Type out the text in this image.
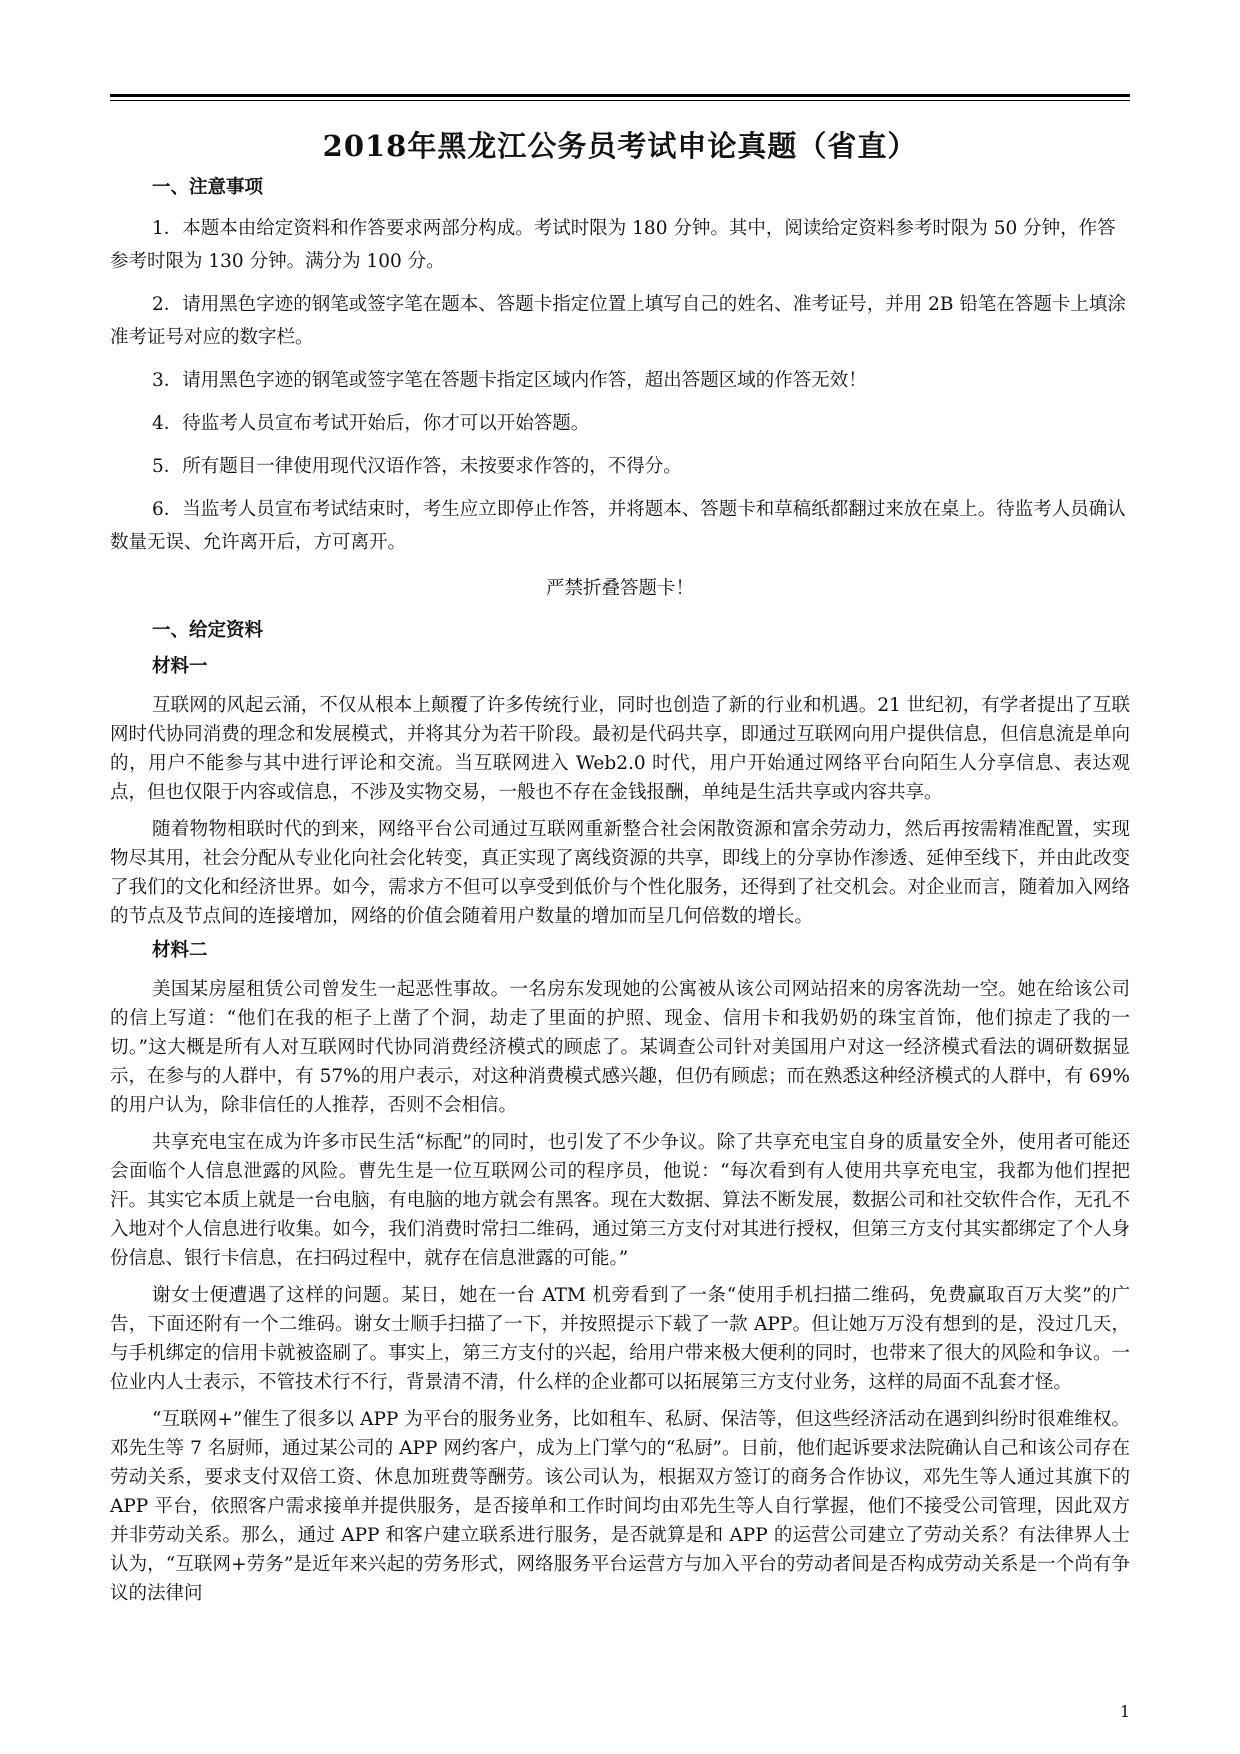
2018年黑龙江公务员考试申论真题（省直）

一、注意事项

1．本题本由给定资料和作答要求两部分构成。考试时限为 180 分钟。其中，阅读给定资料参考时限为 50 分钟，作答参考时限为 130 分钟。满分为 100 分。

2．请用黑色字迹的钢笔或签字笔在题本、答题卡指定位置上填写自己的姓名、准考证号，并用 2B 铅笔在答题卡上填涂准考证号对应的数字栏。

3．请用黑色字迹的钢笔或签字笔在答题卡指定区域内作答，超出答题区域的作答无效！

4．待监考人员宣布考试开始后，你才可以开始答题。

5．所有题目一律使用现代汉语作答，未按要求作答的，不得分。

6．当监考人员宣布考试结束时，考生应立即停止作答，并将题本、答题卡和草稿纸都翻过来放在桌上。待监考人员确认数量无误、允许离开后，方可离开。

严禁折叠答题卡！

一、给定资料

材料一

互联网的风起云涌，不仅从根本上颠覆了许多传统行业，同时也创造了新的行业和机遇。21 世纪初，有学者提出了互联网时代协同消费的理念和发展模式，并将其分为若干阶段。最初是代码共享，即通过互联网向用户提供信息，但信息流是单向的，用户不能参与其中进行评论和交流。当互联网进入 Web2.0 时代，用户开始通过网络平台向陌生人分享信息、表达观点，但也仅限于内容或信息，不涉及实物交易，一般也不存在金钱报酬，单纯是生活共享或内容共享。

随着物物相联时代的到来，网络平台公司通过互联网重新整合社会闲散资源和富余劳动力，然后再按需精准配置，实现物尽其用，社会分配从专业化向社会化转变，真正实现了离线资源的共享，即线上的分享协作渗透、延伸至线下，并由此改变了我们的文化和经济世界。如今，需求方不但可以享受到低价与个性化服务，还得到了社交机会。对企业而言，随着加入网络的节点及节点间的连接增加，网络的价值会随着用户数量的增加而呈几何倍数的增长。

材料二

美国某房屋租赁公司曾发生一起恶性事故。一名房东发现她的公寓被从该公司网站招来的房客洗劫一空。她在给该公司的信上写道：“他们在我的柜子上凿了个洞，劫走了里面的护照、现金、信用卡和我奶奶的珠宝首饰，他们掠走了我的一切。”这大概是所有人对互联网时代协同消费经济模式的顾虑了。某调查公司针对美国用户对这一经济模式看法的调研数据显示，在参与的人群中，有 57%的用户表示，对这种消费模式感兴趣，但仍有顾虑；而在熟悉这种经济模式的人群中，有 69%的用户认为，除非信任的人推荐，否则不会相信。

共享充电宝在成为许多市民生活“标配”的同时，也引发了不少争议。除了共享充电宝自身的质量安全外，使用者可能还会面临个人信息泄露的风险。曹先生是一位互联网公司的程序员，他说：“每次看到有人使用共享充电宝，我都为他们捏把汗。其实它本质上就是一台电脑，有电脑的地方就会有黑客。现在大数据、算法不断发展，数据公司和社交软件合作，无孔不入地对个人信息进行收集。如今，我们消费时常扫二维码，通过第三方支付对其进行授权，但第三方支付其实都绑定了个人身份信息、银行卡信息，在扫码过程中，就存在信息泄露的可能。”

谢女士便遭遇了这样的问题。某日，她在一台 ATM 机旁看到了一条“使用手机扫描二维码，免费赢取百万大奖”的广告，下面还附有一个二维码。谢女士顺手扫描了一下，并按照提示下载了一款 APP。但让她万万没有想到的是，没过几天，与手机绑定的信用卡就被盗刷了。事实上，第三方支付的兴起，给用户带来极大便利的同时，也带来了很大的风险和争议。一位业内人士表示，不管技术行不行，背景清不清，什么样的企业都可以拓展第三方支付业务，这样的局面不乱套才怪。

“互联网+”催生了很多以 APP 为平台的服务业务，比如租车、私厨、保洁等，但这些经济活动在遇到纠纷时很难维权。邓先生等 7 名厨师，通过某公司的 APP 网约客户，成为上门掌勺的“私厨”。日前，他们起诉要求法院确认自己和该公司存在劳动关系，要求支付双倍工资、休息加班费等酬劳。该公司认为，根据双方签订的商务合作协议，邓先生等人通过其旗下的 APP 平台，依照客户需求接单并提供服务，是否接单和工作时间均由邓先生等人自行掌握，他们不接受公司管理，因此双方并非劳动关系。那么，通过 APP 和客户建立联系进行服务，是否就算是和 APP 的运营公司建立了劳动关系？有法律界人士认为，“互联网+劳务”是近年来兴起的劳务形式，网络服务平台运营方与加入平台的劳动者间是否构成劳动关系是一个尚有争议的法律问

1
